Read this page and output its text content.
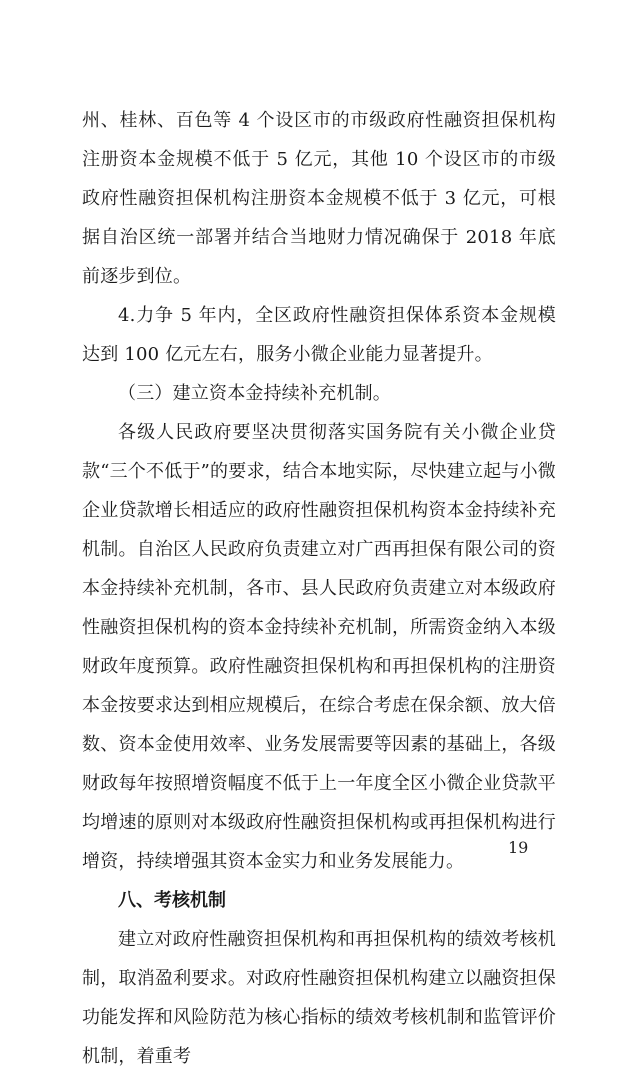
州、桂林、百色等 4 个设区市的市级政府性融资担保机构注册资本金规模不低于 5 亿元，其他 10 个设区市的市级政府性融资担保机构注册资本金规模不低于 3 亿元，可根据自治区统一部署并结合当地财力情况确保于 2018 年底前逐步到位。

4.力争 5 年内，全区政府性融资担保体系资本金规模达到 100 亿元左右，服务小微企业能力显著提升。

（三）建立资本金持续补充机制。

各级人民政府要坚决贯彻落实国务院有关小微企业贷款“三个不低于”的要求，结合本地实际，尽快建立起与小微企业贷款增长相适应的政府性融资担保机构资本金持续补充机制。自治区人民政府负责建立对广西再担保有限公司的资本金持续补充机制，各市、县人民政府负责建立对本级政府性融资担保机构的资本金持续补充机制，所需资金纳入本级财政年度预算。政府性融资担保机构和再担保机构的注册资本金按要求达到相应规模后，在综合考虑在保余额、放大倍数、资本金使用效率、业务发展需要等因素的基础上，各级财政每年按照增资幅度不低于上一年度全区小微企业贷款平均增速的原则对本级政府性融资担保机构或再担保机构进行增资，持续增强其资本金实力和业务发展能力。

八、考核机制

建立对政府性融资担保机构和再担保机构的绩效考核机制，取消盈利要求。对政府性融资担保机构建立以融资担保功能发挥和风险防范为核心指标的绩效考核机制和监管评价机制，着重考

19
